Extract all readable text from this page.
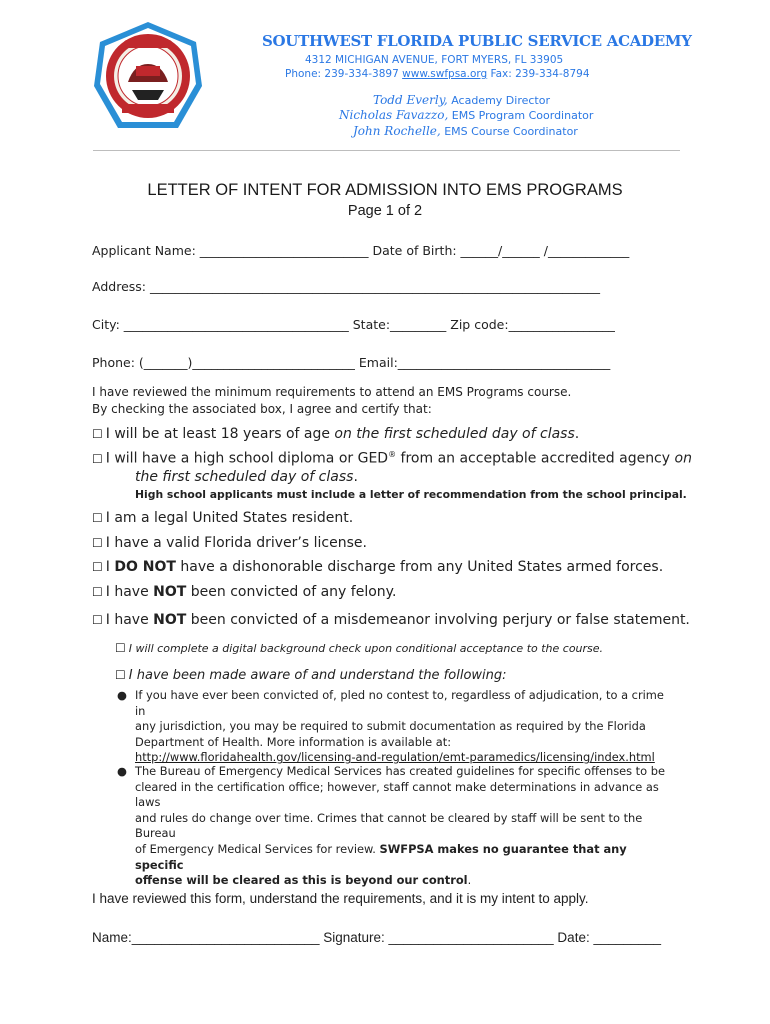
SOUTHWEST FLORIDA PUBLIC SERVICE ACADEMY
4312 MICHIGAN AVENUE, FORT MYERS, FL 33905
Phone: 239-334-3897 www.swfpsa.org Fax: 239-334-8794
Todd Everly, Academy Director
Nicholas Favazzo, EMS Program Coordinator
John Rochelle, EMS Course Coordinator
LETTER OF INTENT FOR ADMISSION INTO EMS PROGRAMS
Page 1 of 2
Applicant Name: ___________________________ Date of Birth: ______/______ /_____________
Address: ________________________________________________________________________
City: ____________________________________ State:_________ Zip code:_________________
Phone: (_______)__________________________ Email:__________________________________
I have reviewed the minimum requirements to attend an EMS Programs course.
By checking the associated box, I agree and certify that:
☐ I will be at least 18 years of age on the first scheduled day of class.
☐ I will have a high school diploma or GED® from an acceptable accredited agency on
the first scheduled day of class.
High school applicants must include a letter of recommendation from the school principal.
☐ I am a legal United States resident.
☐ I have a valid Florida driver’s license.
☐ I DO NOT have a dishonorable discharge from any United States armed forces.
☐ I have NOT been convicted of any felony.
☐ I have NOT been convicted of a misdemeanor involving perjury or false statement.
☐ I will complete a digital background check upon conditional acceptance to the course.
☐ I have been made aware of and understand the following:
● If you have ever been convicted of, pled no contest to, regardless of adjudication, to a crime in
any jurisdiction, you may be required to submit documentation as required by the Florida
Department of Health. More information is available at:
http://www.floridahealth.gov/licensing-and-regulation/emt-paramedics/licensing/index.html
● The Bureau of Emergency Medical Services has created guidelines for specific offenses to be
cleared in the certification office; however, staff cannot make determinations in advance as laws
and rules do change over time. Crimes that cannot be cleared by staff will be sent to the Bureau
of Emergency Medical Services for review. SWFPSA makes no guarantee that any specific
offense will be cleared as this is beyond our control.
I have reviewed this form, understand the requirements, and it is my intent to apply.
Name:_________________________ Signature: ______________________ Date: _________
